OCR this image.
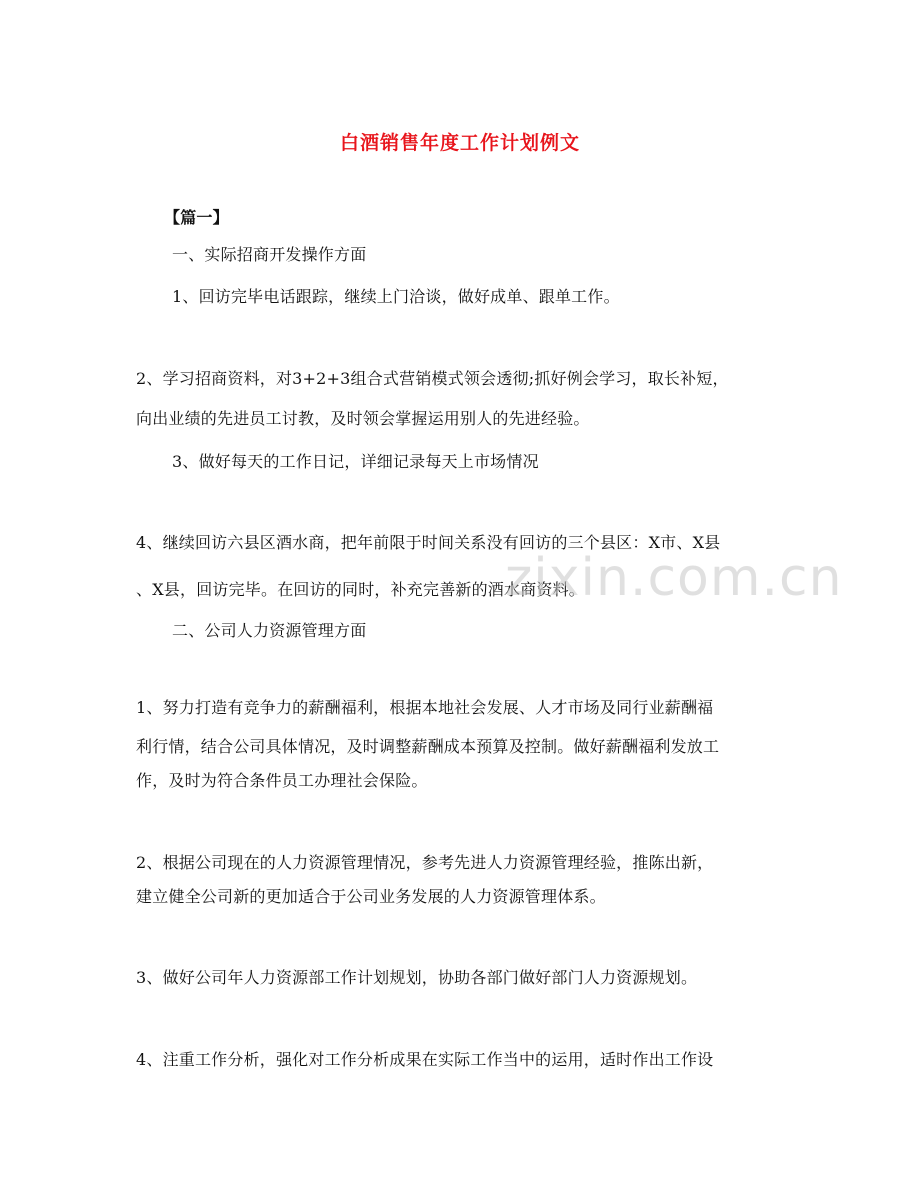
白酒销售年度工作计划例文
【篇一】
一、实际招商开发操作方面
1、回访完毕电话跟踪，继续上门洽谈，做好成单、跟单工作。
2、学习招商资料，对3+2+3组合式营销模式领会透彻;抓好例会学习，取长补短，
向出业绩的先进员工讨教，及时领会掌握运用别人的先进经验。
3、做好每天的工作日记，详细记录每天上市场情况
4、继续回访六县区酒水商，把年前限于时间关系没有回访的三个县区：X市、X县
、X县，回访完毕。在回访的同时，补充完善新的酒水商资料。
二、公司人力资源管理方面
1、努力打造有竞争力的薪酬福利，根据本地社会发展、人才市场及同行业薪酬福
利行情，结合公司具体情况，及时调整薪酬成本预算及控制。做好薪酬福利发放工
作，及时为符合条件员工办理社会保险。
2、根据公司现在的人力资源管理情况，参考先进人力资源管理经验，推陈出新，
建立健全公司新的更加适合于公司业务发展的人力资源管理体系。
3、做好公司年人力资源部工作计划规划，协助各部门做好部门人力资源规划。
4、注重工作分析，强化对工作分析成果在实际工作当中的运用，适时作出工作设
zixin.com.cn
